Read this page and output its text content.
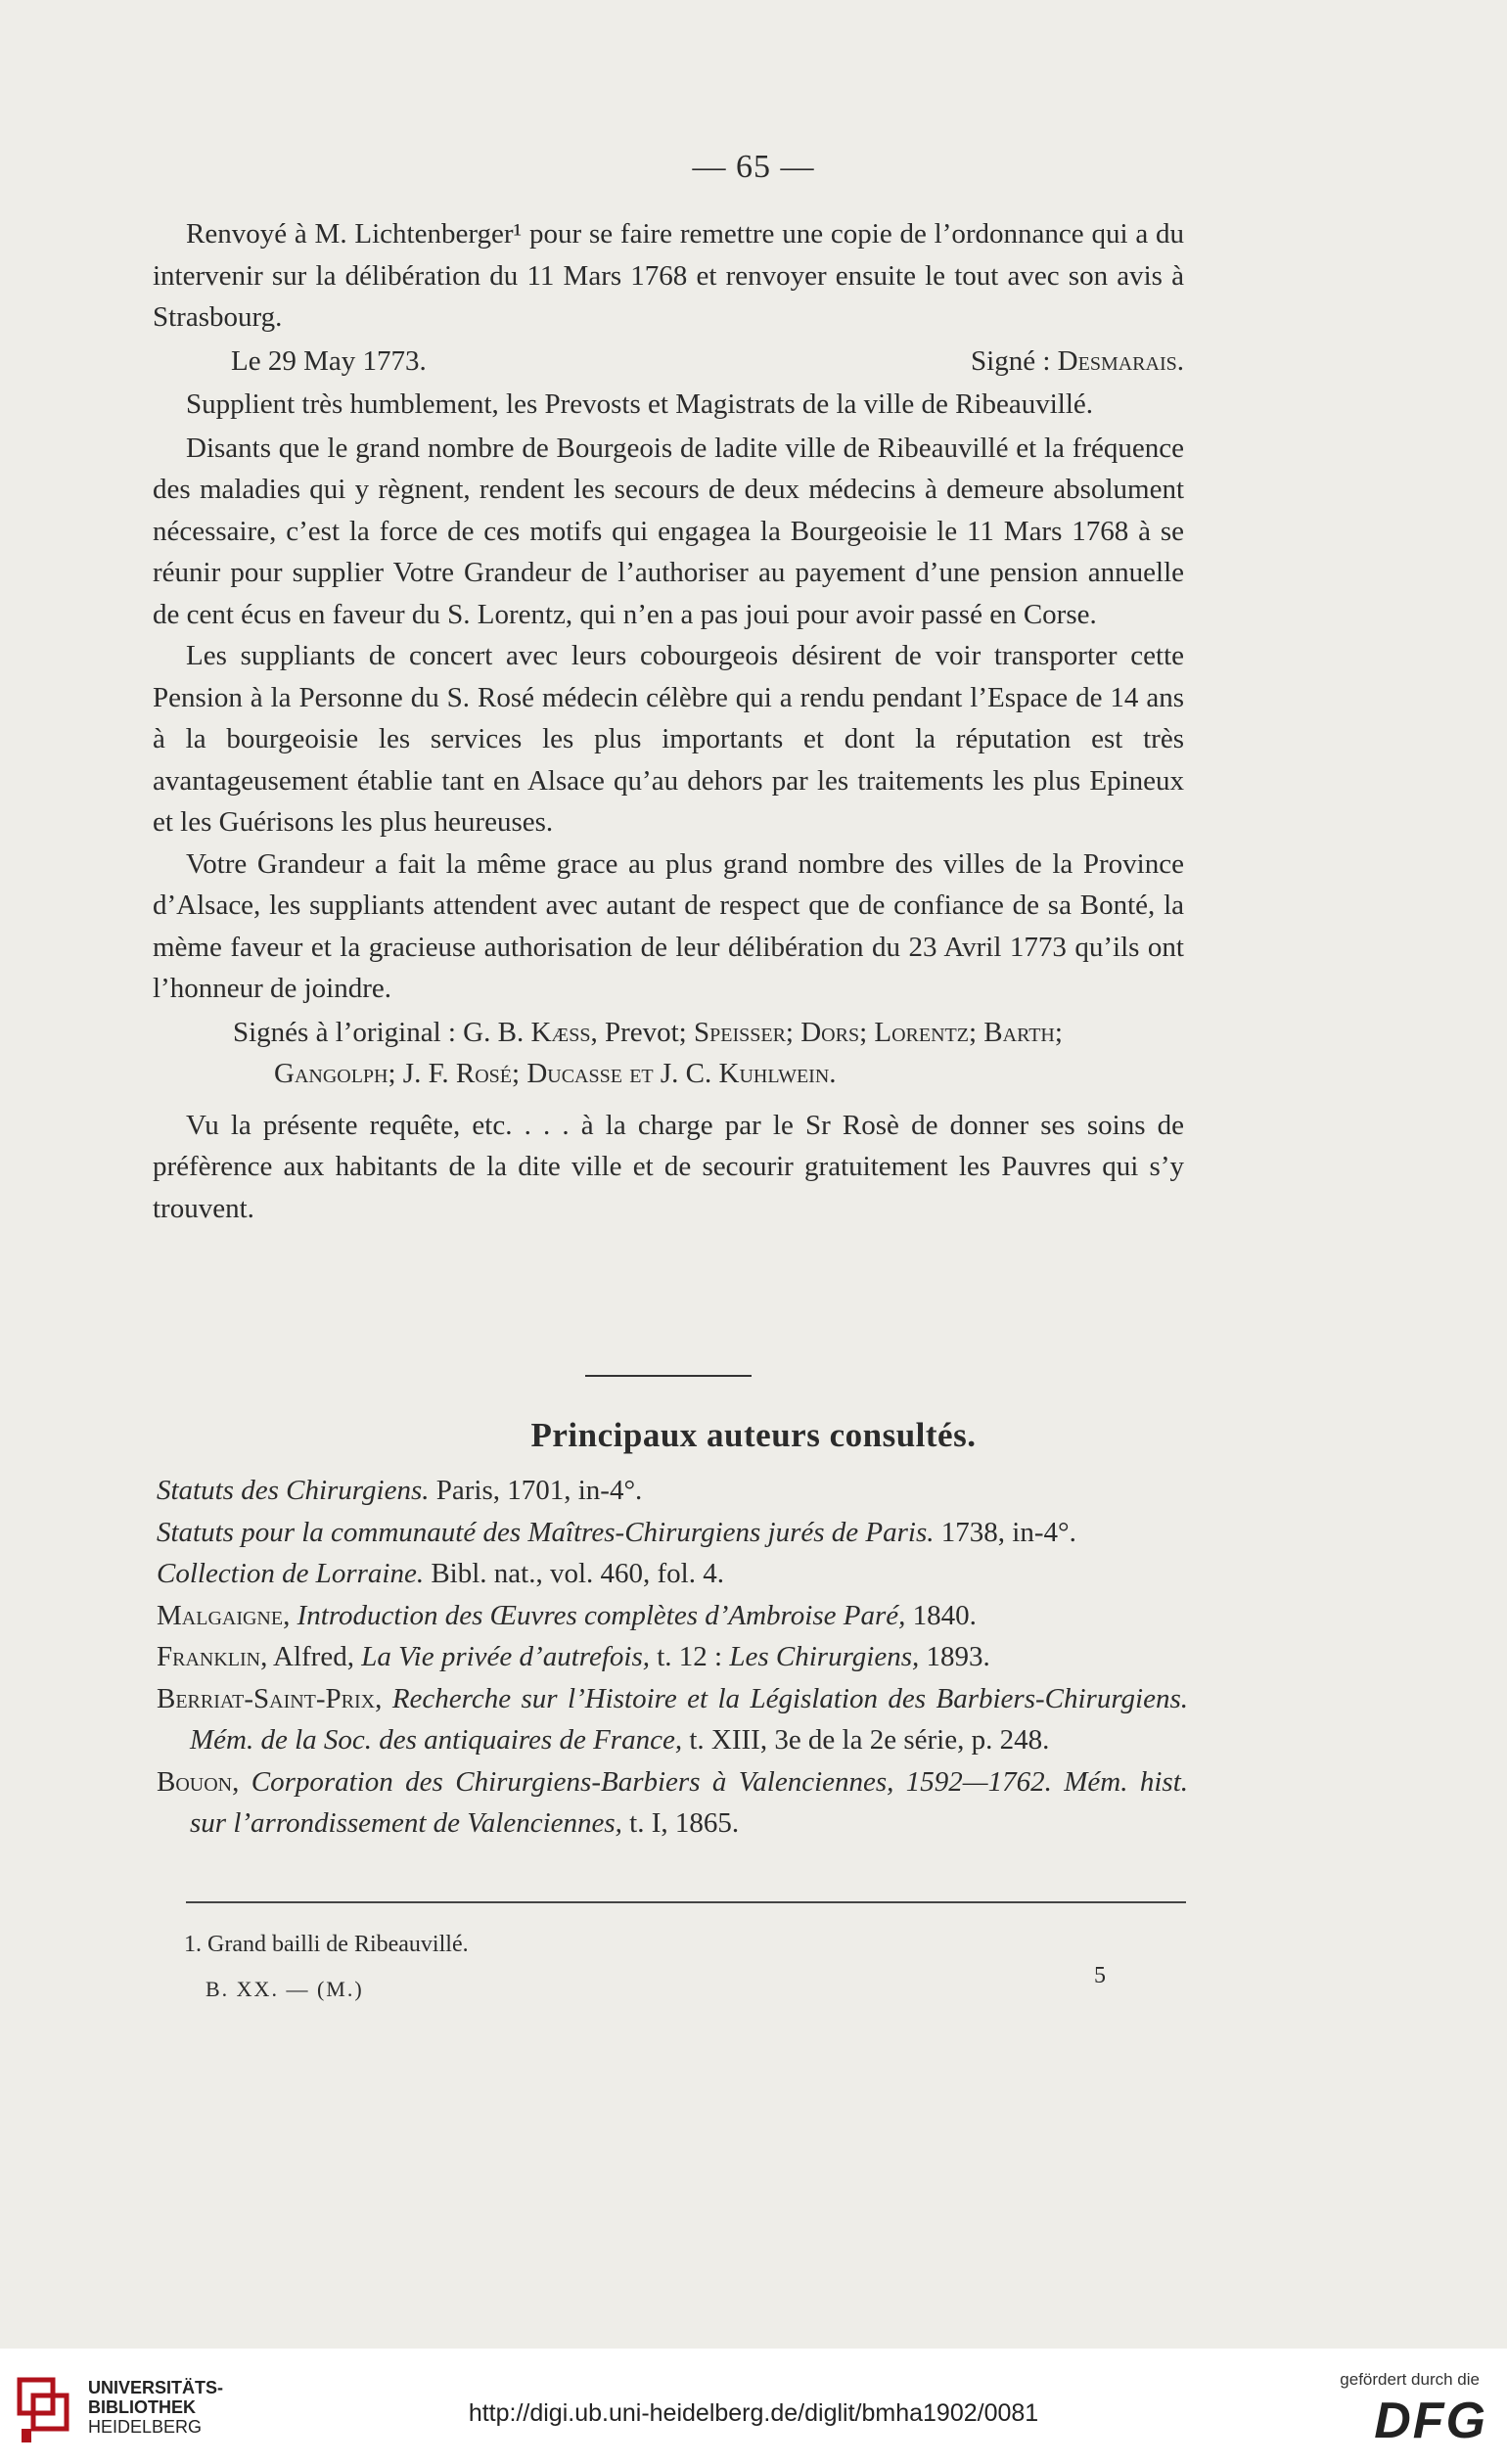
— 65 —

Renvoyé à M. Lichtenberger¹ pour se faire remettre une copie de l’ordonnance qui a du intervenir sur la délibération du 11 Mars 1768 et renvoyer ensuite le tout avec son avis à Strasbourg.

Le 29 May 1773.	Signé : Desmarais.

Supplient très humblement, les Prevosts et Magistrats de la ville de Ribeauvillé.

Disants que le grand nombre de Bourgeois de ladite ville de Ribeauvillé et la fréquence des maladies qui y règnent, rendent les secours de deux médecins à demeure absolument nécessaire, c’est la force de ces motifs qui engagea la Bourgeoisie le 11 Mars 1768 à se réunir pour supplier Votre Grandeur de l’authoriser au payement d’une pension annuelle de cent écus en faveur du S. Lorentz, qui n’en a pas joui pour avoir passé en Corse.

Les suppliants de concert avec leurs cobourgeois désirent de voir transporter cette Pension à la Personne du S. Rosé médecin célèbre qui a rendu pendant l’Espace de 14 ans à la bourgeoisie les services les plus importants et dont la réputation est très avantageusement établie tant en Alsace qu’au dehors par les traitements les plus Epineux et les Guérisons les plus heureuses.

Votre Grandeur a fait la même grace au plus grand nombre des villes de la Province d’Alsace, les suppliants attendent avec autant de respect que de confiance de sa Bonté, la mème faveur et la gracieuse authorisation de leur délibération du 23 Avril 1773 qu’ils ont l’honneur de joindre.

Signés à l’original : G. B. Kæss, Prevot; Speisser; Dors; Lorentz; Barth;

Gangolph; J. F. Rosé; Ducasse et J. C. Kuhlwein.

Vu la présente requête, etc. . . . à la charge par le Sr Rosè de donner ses soins de préfèrence aux habitants de la dite ville et de secourir gratuitement les Pauvres qui s’y trouvent.

Principaux auteurs consultés.

Statuts des Chirurgiens. Paris, 1701, in-4°.

Statuts pour la communauté des Maîtres-Chirurgiens jurés de Paris. 1738, in-4°.

Collection de Lorraine. Bibl. nat., vol. 460, fol. 4.

Malgaigne, Introduction des Œuvres complètes d’Ambroise Paré, 1840.

Franklin, Alfred, La Vie privée d’autrefois, t. 12 : Les Chirurgiens, 1893.

Berriat-Saint-Prix, Recherche sur l’Histoire et la Législation des Barbiers-Chirurgiens. Mém. de la Soc. des antiquaires de France, t. XIII, 3e de la 2e série, p. 248.

Bouon, Corporation des Chirurgiens-Barbiers à Valenciennes, 1592—1762. Mém. hist. sur l’arrondissement de Valenciennes, t. I, 1865.

1. Grand bailli de Ribeauvillé.
B. XX. — (M.)
5
UNIVERSITÄTS-
BIBLIOTHEK
HEIDELBERG	http://digi.ub.uni-heidelberg.de/diglit/bmha1902/0081
gefördert durch die
DFG
